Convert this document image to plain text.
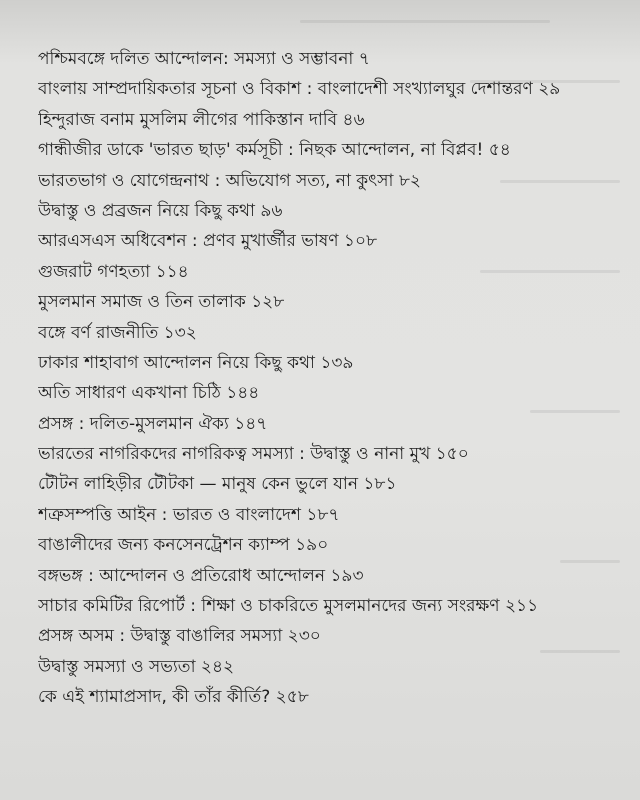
পশ্চিমবঙ্গে দলিত আন্দোলন: সমস্যা ও সম্ভাবনা ৭
বাংলায় সাম্প্রদায়িকতার সূচনা ও বিকাশ : বাংলাদেশী সংখ্যালঘুর দেশান্তরণ ২৯
হিন্দুরাজ বনাম মুসলিম লীগের পাকিস্তান দাবি ৪৬
গান্ধীজীর ডাকে 'ভারত ছাড়' কর্মসূচী : নিছক আন্দোলন, না বিপ্লব! ৫৪
ভারতভাগ ও যোগেন্দ্রনাথ : অভিযোগ সত্য, না কুৎসা ৮২
উদ্বাস্তু ও প্রব্রজন নিয়ে কিছু কথা ৯৬
আরএসএস অধিবেশন : প্রণব মুখার্জীর ভাষণ ১০৮
গুজরাট গণহত্যা ১১৪
মুসলমান সমাজ ও তিন তালাক ১২৮
বঙ্গে বর্ণ রাজনীতি ১৩২
ঢাকার শাহাবাগ আন্দোলন নিয়ে কিছু কথা ১৩৯
অতি সাধারণ একখানা চিঠি ১৪৪
প্রসঙ্গ : দলিত-মুসলমান ঐক্য ১৪৭
ভারতের নাগরিকদের নাগরিকত্ব সমস্যা : উদ্বাস্তু ও নানা মুখ ১৫০
টৌটন লাহিড়ীর টৌটকা — মানুষ কেন ভুলে যান ১৮১
শত্রুসম্পত্তি আইন : ভারত ও বাংলাদেশ ১৮৭
বাঙালীদের জন্য কনসেনট্রেশন ক্যাম্প ১৯০
বঙ্গভঙ্গ : আন্দোলন ও প্রতিরোধ আন্দোলন ১৯৩
সাচার কমিটির রিপোর্ট : শিক্ষা ও চাকরিতে মুসলমানদের জন্য সংরক্ষণ ২১১
প্রসঙ্গ অসম : উদ্বাস্তু বাঙালির সমস্যা ২৩০
উদ্বাস্তু সমস্যা ও সভ্যতা ২৪২
কে এই শ্যামাপ্রসাদ, কী তাঁর কীর্তি? ২৫৮
